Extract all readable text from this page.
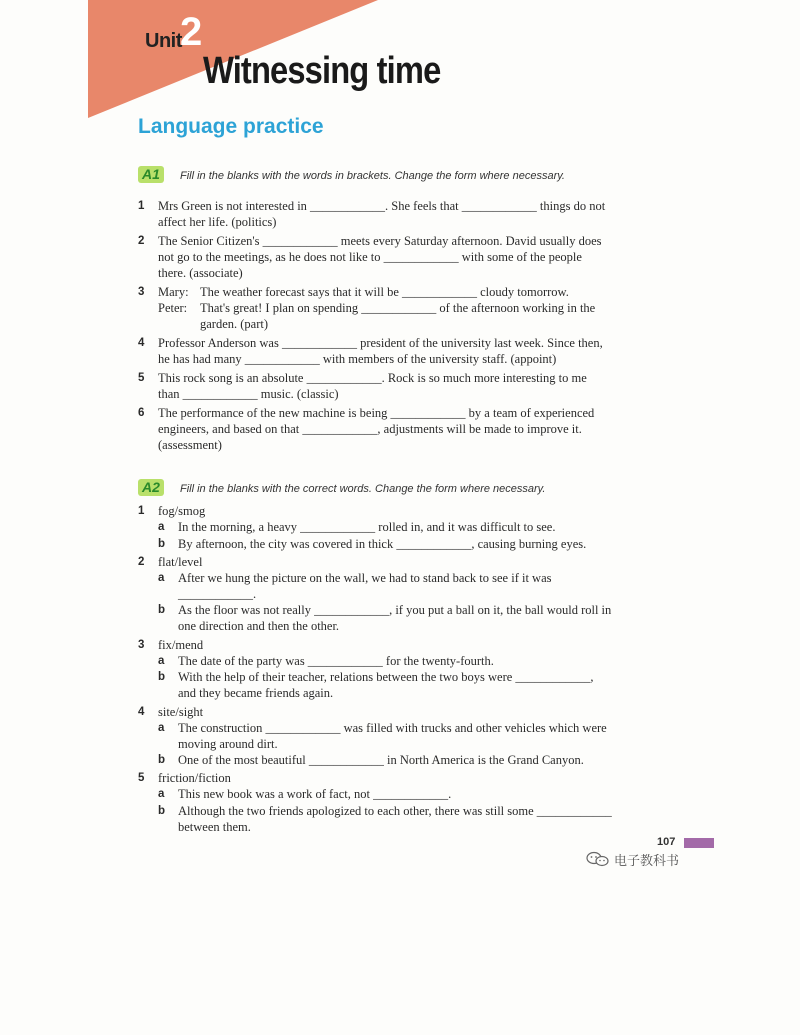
Unit
2
Witnessing time
Language practice
A1	Fill in the blanks with the words in brackets. Change the form where necessary.
1	Mrs Green is not interested in ____________. She feels that ____________ things do not
affect her life. (politics)
2	The Senior Citizen's ____________ meets every Saturday afternoon. David usually does
not go to the meetings, as he does not like to ____________ with some of the people
there. (associate)
3 Mary: The weather forecast says that it will be ____________ cloudy tomorrow.
Peter:	That's great! I plan on spending ____________ of the afternoon working in the
garden. (part)
4	Professor Anderson was ____________ president of the university last week. Since then,
he has had many ____________ with members of the university staff. (appoint)
5	This rock song is an absolute ____________. Rock is so much more interesting to me
than ____________ music. (classic)
6	The performance of the new machine is being ____________ by a team of experienced
engineers, and based on that ____________, adjustments will be made to improve it.
(assessment)
A2	Fill in the blanks with the correct words. Change the form where necessary.
1 fog/smog
a In the morning, a heavy ____________ rolled in, and it was difficult to see.
b By afternoon, the city was covered in thick ____________, causing burning eyes.
2 flat/level
a After we hung the picture on the wall, we had to stand back to see if it was
____________.
b As the floor was not really ____________, if you put a ball on it, the ball would roll in
one direction and then the other.
3 fix/mend
a The date of the party was ____________ for the twenty-fourth.
b With the help of their teacher, relations between the two boys were ____________,
and they became friends again.
4 site/sight
a The construction ____________ was filled with trucks and other vehicles which were
moving around dirt.
b One of the most beautiful ____________ in North America is the Grand Canyon.
5 friction/fiction
a This new book was a work of fact, not ____________.
b Although the two friends apologized to each other, there was still some ____________
between them.
107
电子教科书
